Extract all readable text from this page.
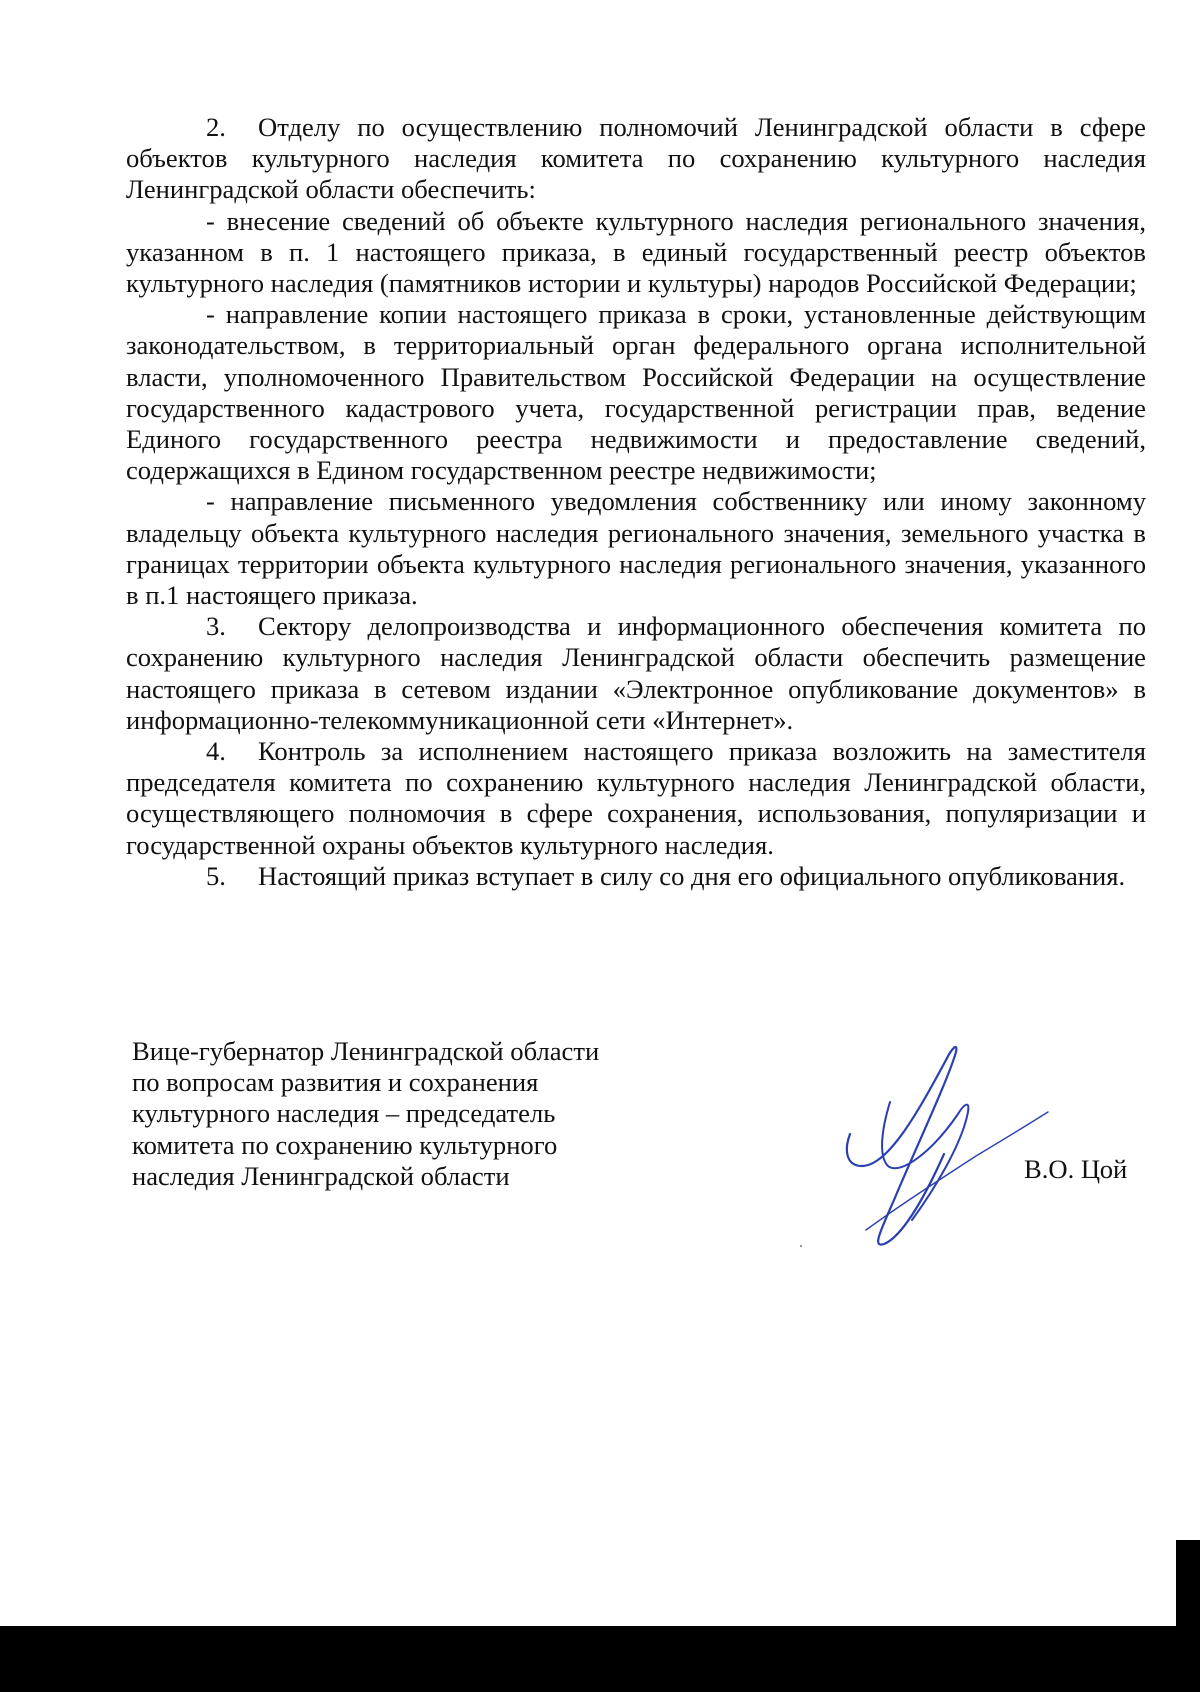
2. Отделу по осуществлению полномочий Ленинградской области в сфере объектов культурного наследия комитета по сохранению культурного наследия Ленинградской области обеспечить:

- внесение сведений об объекте культурного наследия регионального значения, указанном в п. 1 настоящего приказа, в единый государственный реестр объектов культурного наследия (памятников истории и культуры) народов Российской Федерации;

- направление копии настоящего приказа в сроки, установленные действующим законодательством, в территориальный орган федерального органа исполнительной власти, уполномоченного Правительством Российской Федерации на осуществление государственного кадастрового учета, государственной регистрации прав, ведение Единого государственного реестра недвижимости и предоставление сведений, содержащихся в Едином государственном реестре недвижимости;

- направление письменного уведомления собственнику или иному законному владельцу объекта культурного наследия регионального значения, земельного участка в границах территории объекта культурного наследия регионального значения, указанного в п.1 настоящего приказа.

3. Сектору делопроизводства и информационного обеспечения комитета по сохранению культурного наследия Ленинградской области обеспечить размещение настоящего приказа в сетевом издании «Электронное опубликование документов» в информационно-телекоммуникационной сети «Интернет».

4. Контроль за исполнением настоящего приказа возложить на заместителя председателя комитета по сохранению культурного наследия Ленинградской области, осуществляющего полномочия в сфере сохранения, использования, популяризации и государственной охраны объектов культурного наследия.

5. Настоящий приказ вступает в силу со дня его официального опубликования.

Вице-губернатор Ленинградской области
по вопросам развития и сохранения
культурного наследия – председатель
комитета по сохранению культурного
наследия Ленинградской области	В.О. Цой
